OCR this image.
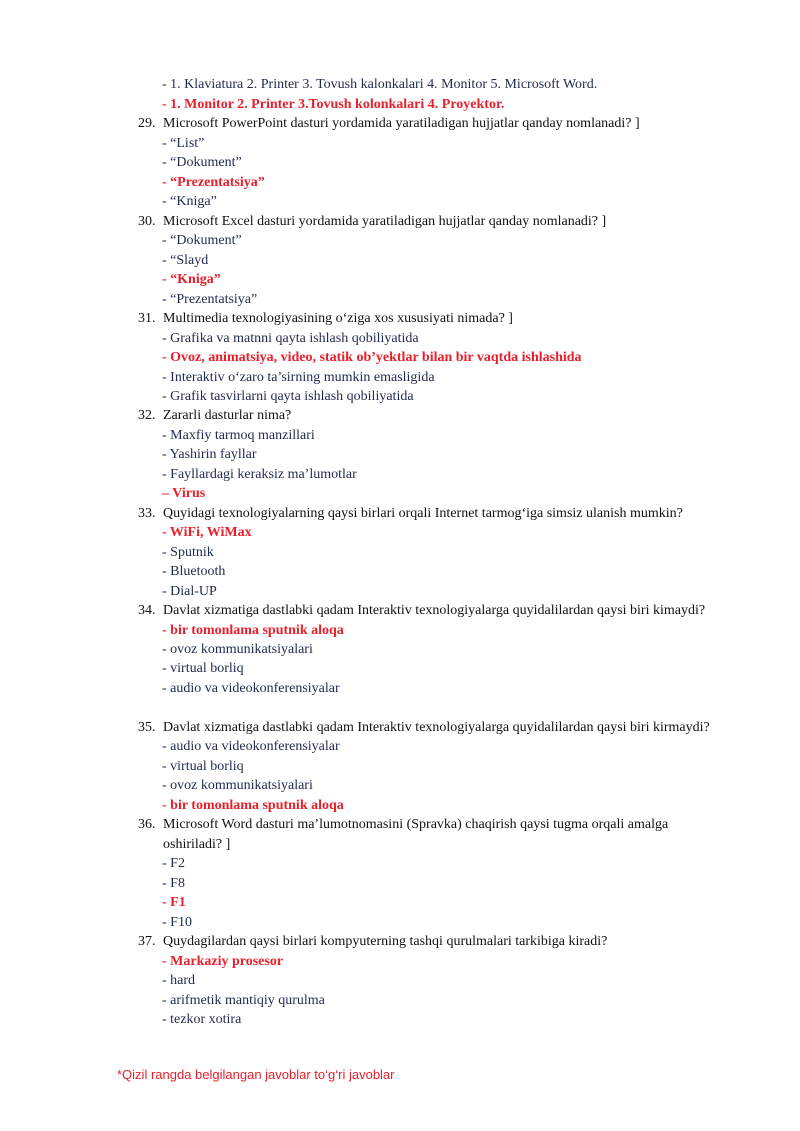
- 1. Klaviatura 2. Printer 3. Tovush kalonkalari 4. Monitor 5. Microsoft Word.
- 1. Monitor 2. Printer 3.Tovush kolonkalari 4. Proyektor.
29. Microsoft PowerPoint dasturi yordamida yaratiladigan hujjatlar qanday nomlanadi? ]
- “List”
- “Dokument”
- “Prezentatsiya”
- “Kniga”
30. Microsoft Excel dasturi yordamida yaratiladigan hujjatlar qanday nomlanadi? ]
- “Dokument”
- “Slayd
- “Kniga”
- “Prezentatsiya”
31. Multimedia texnologiyasining o‘ziga xos xususiyati nimada? ]
- Grafika va matnni qayta ishlash qobiliyatida
- Ovoz, animatsiya, video, statik ob’yektlar bilan bir vaqtda ishlashida
- Interaktiv o‘zaro ta’sirning mumkin emasligida
- Grafik tasvirlarni qayta ishlash qobiliyatida
32. Zararli dasturlar nima?
- Maxfiy tarmoq manzillari
- Yashirin fayllar
- Fayllardagi keraksiz ma’lumotlar
– Virus
33. Quyidagi texnologiyalarning qaysi birlari orqali Internet tarmog‘iga simsiz ulanish mumkin?
- WiFi, WiMax
- Sputnik
- Bluetooth
- Dial-UP
34. Davlat xizmatiga dastlabki qadam Interaktiv texnologiyalarga quyidalilardan qaysi biri kimaydi?
- bir tomonlama sputnik aloqa
- ovoz kommunikatsiyalari
- virtual borliq
- audio va videokonferensiyalar
35. Davlat xizmatiga dastlabki qadam Interaktiv texnologiyalarga quyidalilardan qaysi biri kirmaydi?
- audio va videokonferensiyalar
- virtual borliq
- ovoz kommunikatsiyalari
- bir tomonlama sputnik aloqa
36. Microsoft Word dasturi ma’lumotnomasini (Spravka) chaqirish qaysi tugma orqali amalga
oshiriladi? ]
- F2
- F8
- F1
- F10
37. Quydagilardan qaysi birlari kompyuterning tashqi qurulmalari tarkibiga kiradi?
- Markaziy prosesor
- hard
- arifmetik mantiqiy qurulma
- tezkor xotira
*Qizil rangda belgilangan javoblar to‘g‘ri javoblar
